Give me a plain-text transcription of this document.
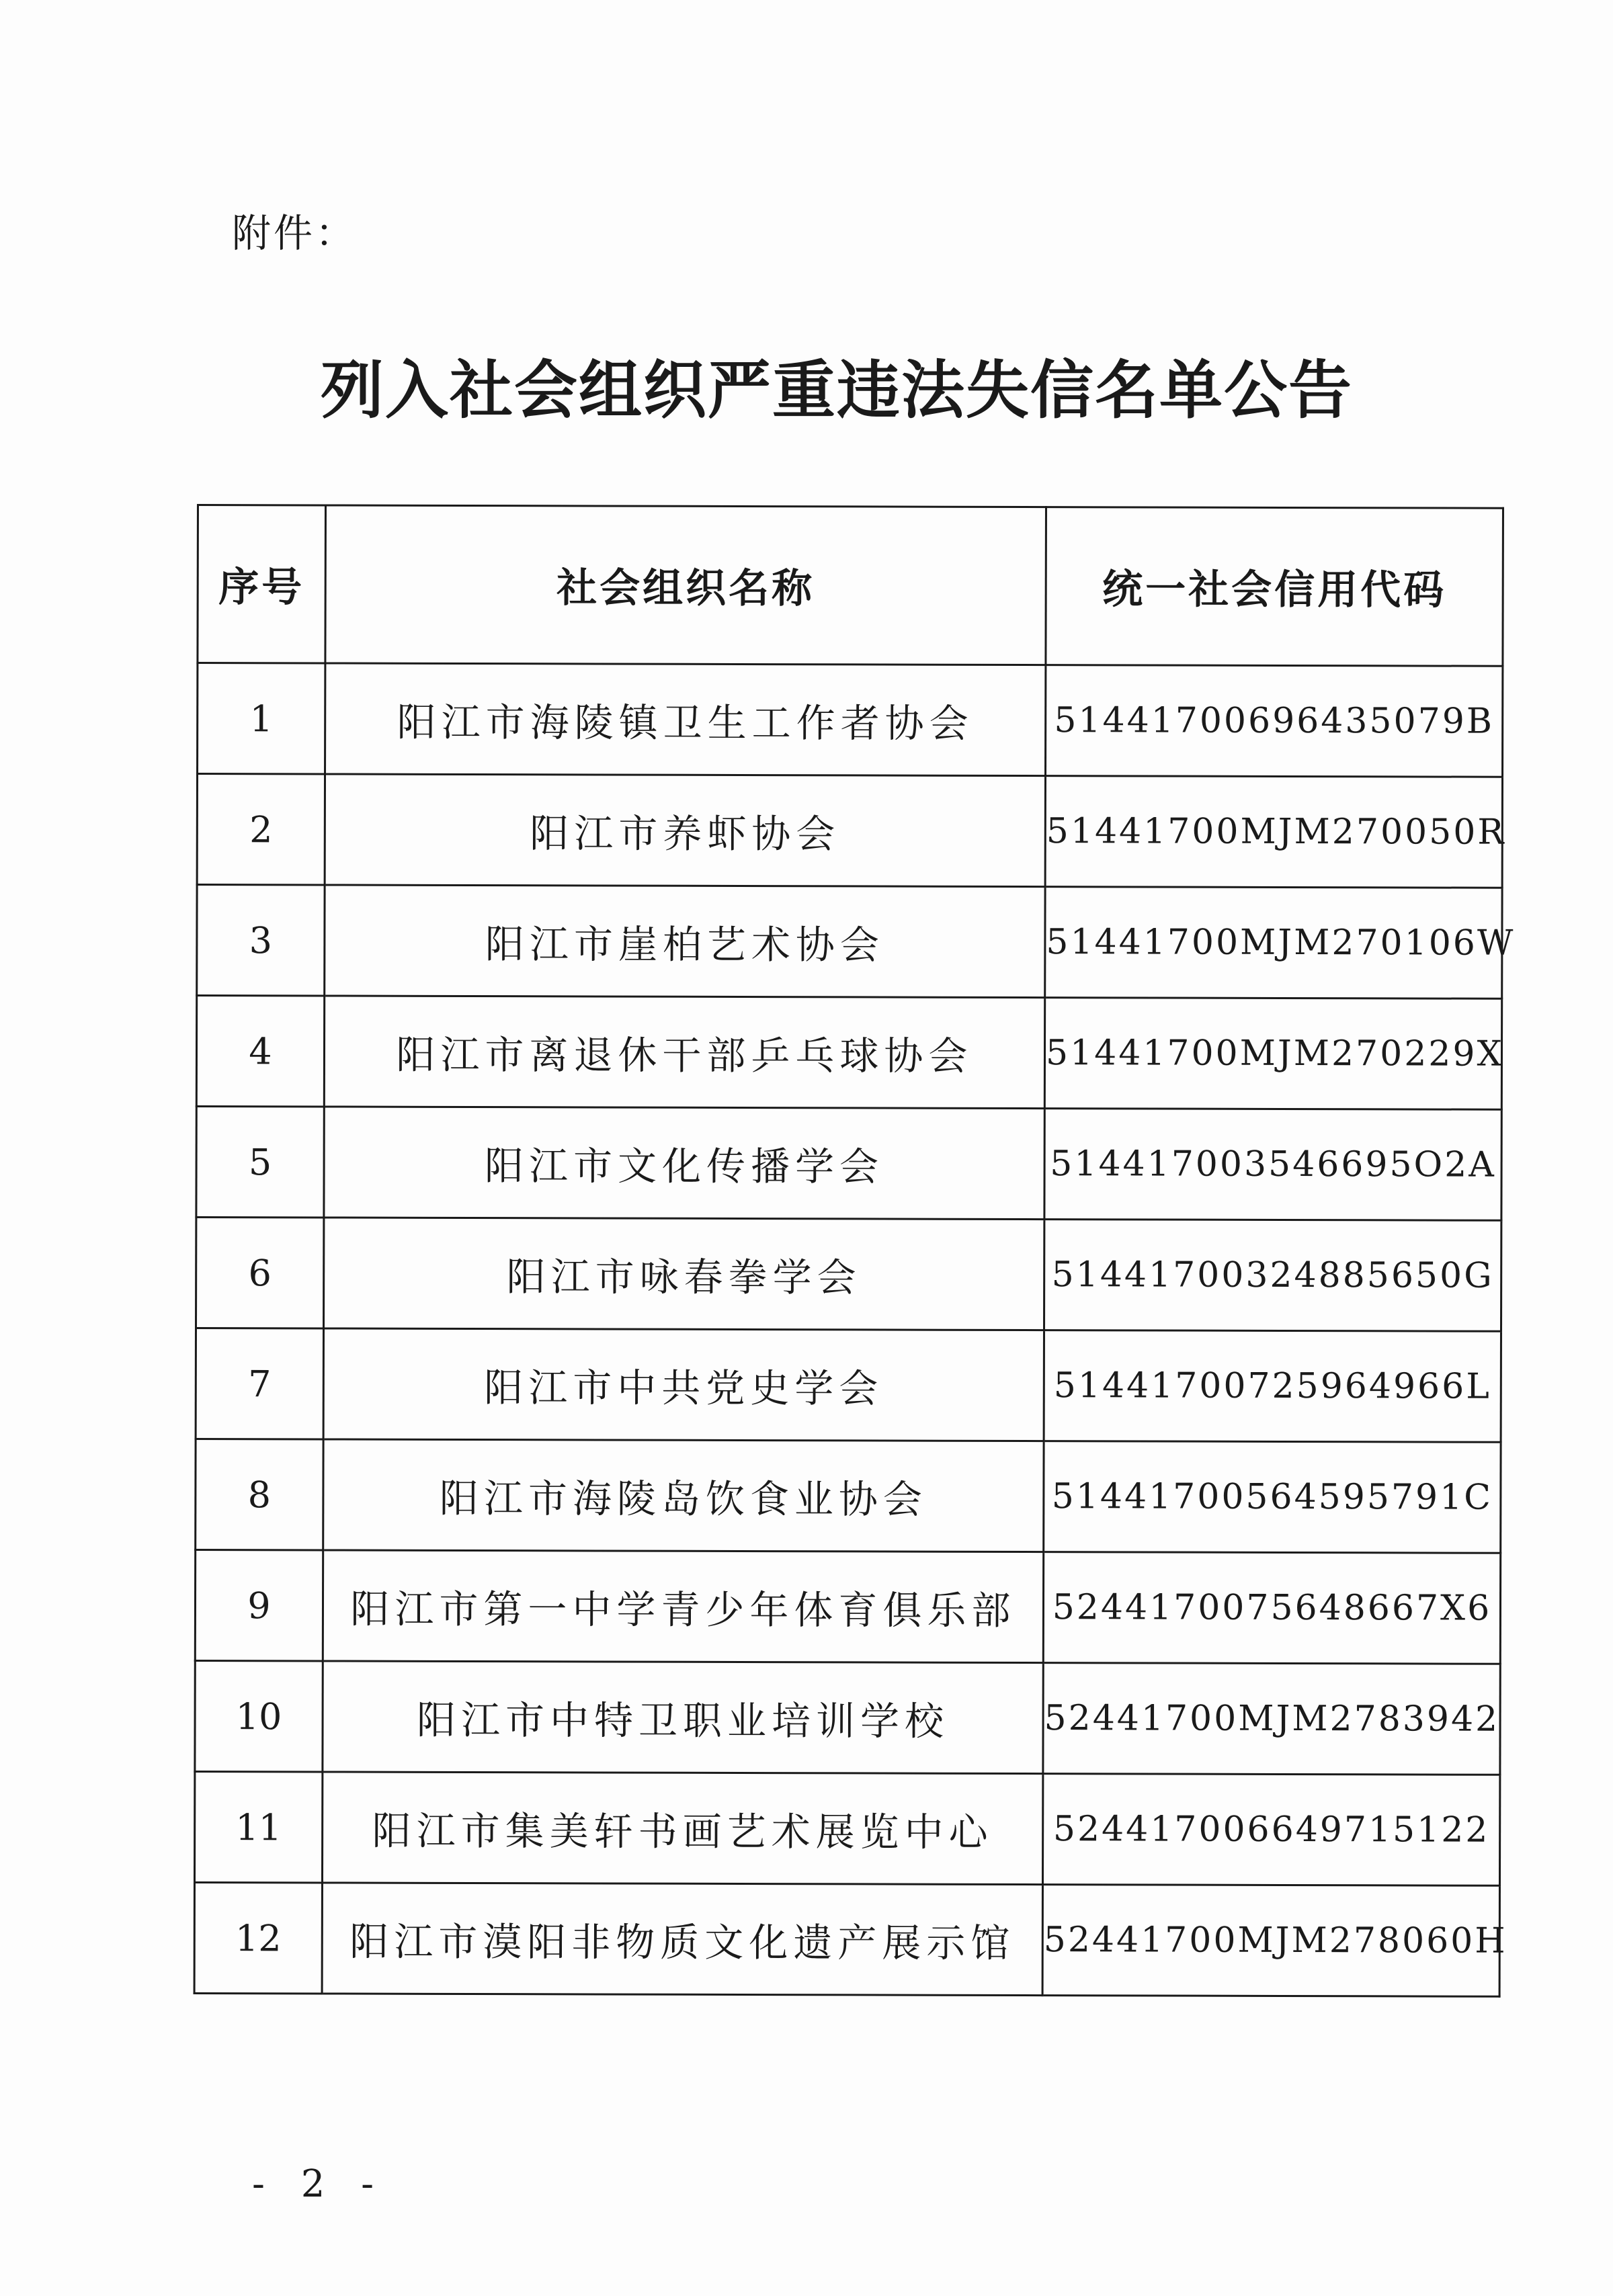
附件：
列入社会组织严重违法失信名单公告
序号	社会组织名称	统一社会信用代码
1	阳江市海陵镇卫生工作者协会	51441700696435079B
2	阳江市养虾协会	51441700MJM270050R
3	阳江市崖柏艺术协会	51441700MJM270106W
4	阳江市离退休干部乒乓球协会	51441700MJM270229X
5	阳江市文化传播学会	514417003546695O2A
6	阳江市咏春拳学会	51441700324885650G
7	阳江市中共党史学会	51441700725964966L
8	阳江市海陵岛饮食业协会	51441700564595791C
9	阳江市第一中学青少年体育俱乐部	52441700756486​67X6
10	阳江市中特卫职业培训学校	52441700MJM2783942
11	阳江市集美轩书画艺术展览中心	524417006649715122
12	阳江市漠阳非物质文化遗产展示馆	52441700MJM278060H
- 2 -
